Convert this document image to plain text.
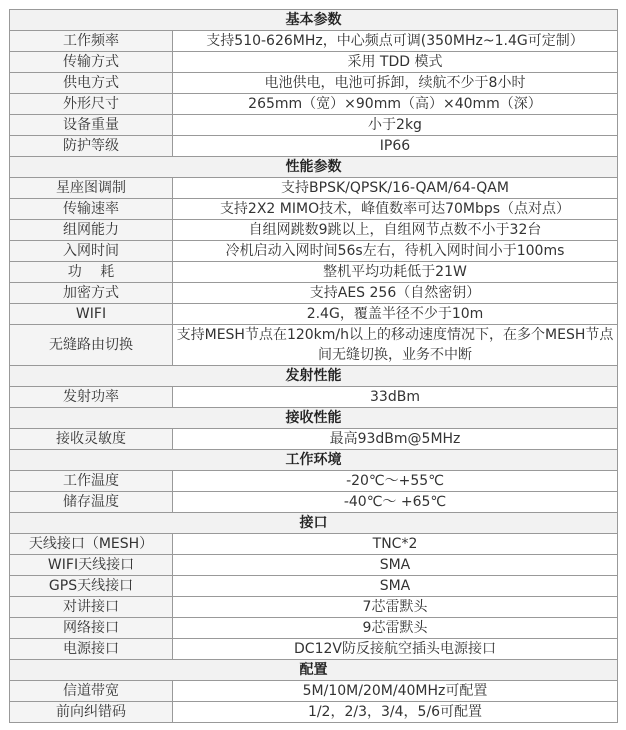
基本参数	
工作频率	支持510-626MHz，中心频点可调(350MHz~1.4G可定制）
传输方式	采用 TDD 模式
供电方式	电池供电，电池可拆卸，续航不少于8小时
外形尺寸	265mm（宽）×90mm（高）×40mm（深）
设备重量	小于2kg
防护等级	IP66
性能参数	
星座图调制	支持BPSK/QPSK/16-QAM/64-QAM
传输速率	支持2X2 MIMO技术，峰值数率可达70Mbps（点对点）
组网能力	自组网跳数9跳以上，自组网节点数不小于32台
入网时间	冷机启动入网时间56s左右，待机入网时间小于100ms
功　 耗	整机平均功耗低于21W
加密方式	支持AES 256（自然密钥）
WIFI	2.4G，覆盖半径不少于10m
无缝路由切换	支持MESH节点在120km/h以上的移动速度情况下，在多个MESH节点间无缝切换，业务不中断
发射性能	
发射功率	33dBm
接收性能	
接收灵敏度	最高93dBm@5MHz
工作环境	
工作温度	-20℃～+55℃
储存温度	-40℃～ +65℃
接口	
天线接口（MESH）	TNC*2
WIFI天线接口	SMA
GPS天线接口	SMA
对讲接口	7芯雷默头
网络接口	9芯雷默头
电源接口	DC12V防反接航空插头电源接口
配置	
信道带宽	5M/10M/20M/40MHz可配置
前向纠错码	1/2，2/3，3/4，5/6可配置
